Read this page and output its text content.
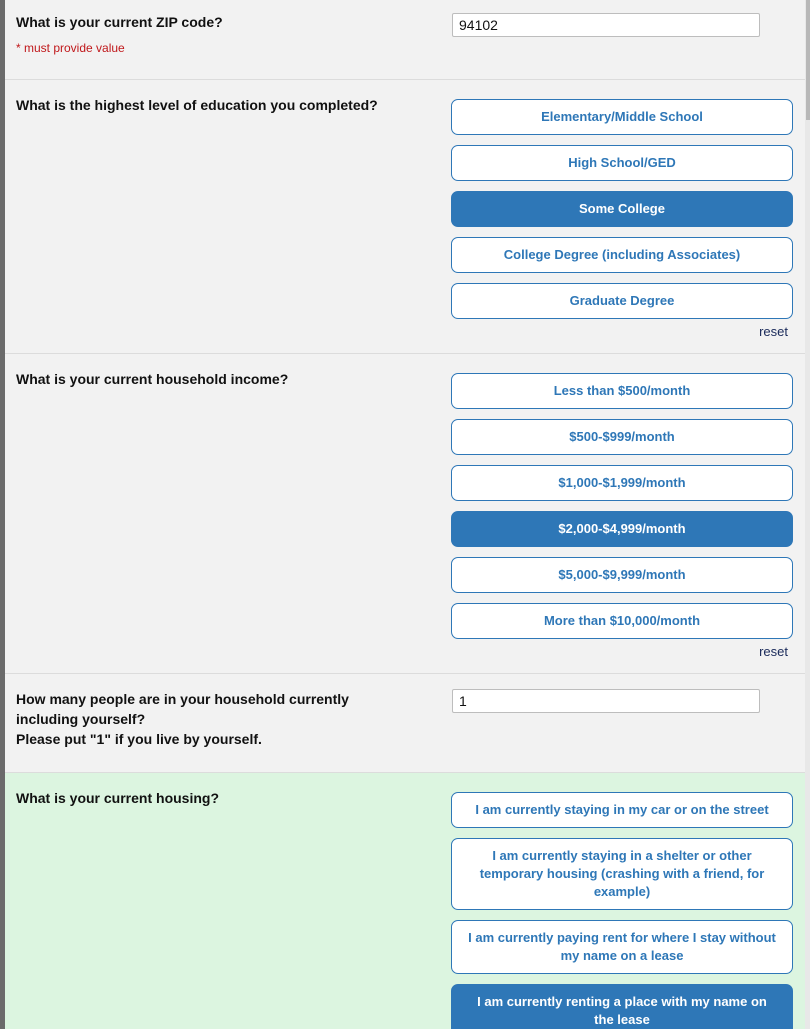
What is your current ZIP code?
* must provide value
94102
What is the highest level of education you completed?
Elementary/Middle School
High School/GED
Some College
College Degree (including Associates)
Graduate Degree
reset
What is your current household income?
Less than $500/month
$500-$999/month
$1,000-$1,999/month
$2,000-$4,999/month
$5,000-$9,999/month
More than $10,000/month
reset
How many people are in your household currently including yourself?
Please put "1" if you live by yourself.
1
What is your current housing?
I am currently staying in my car or on the street
I am currently staying in a shelter or other temporary housing (crashing with a friend, for example)
I am currently paying rent for where I stay without my name on a lease
I am currently renting a place with my name on the lease
